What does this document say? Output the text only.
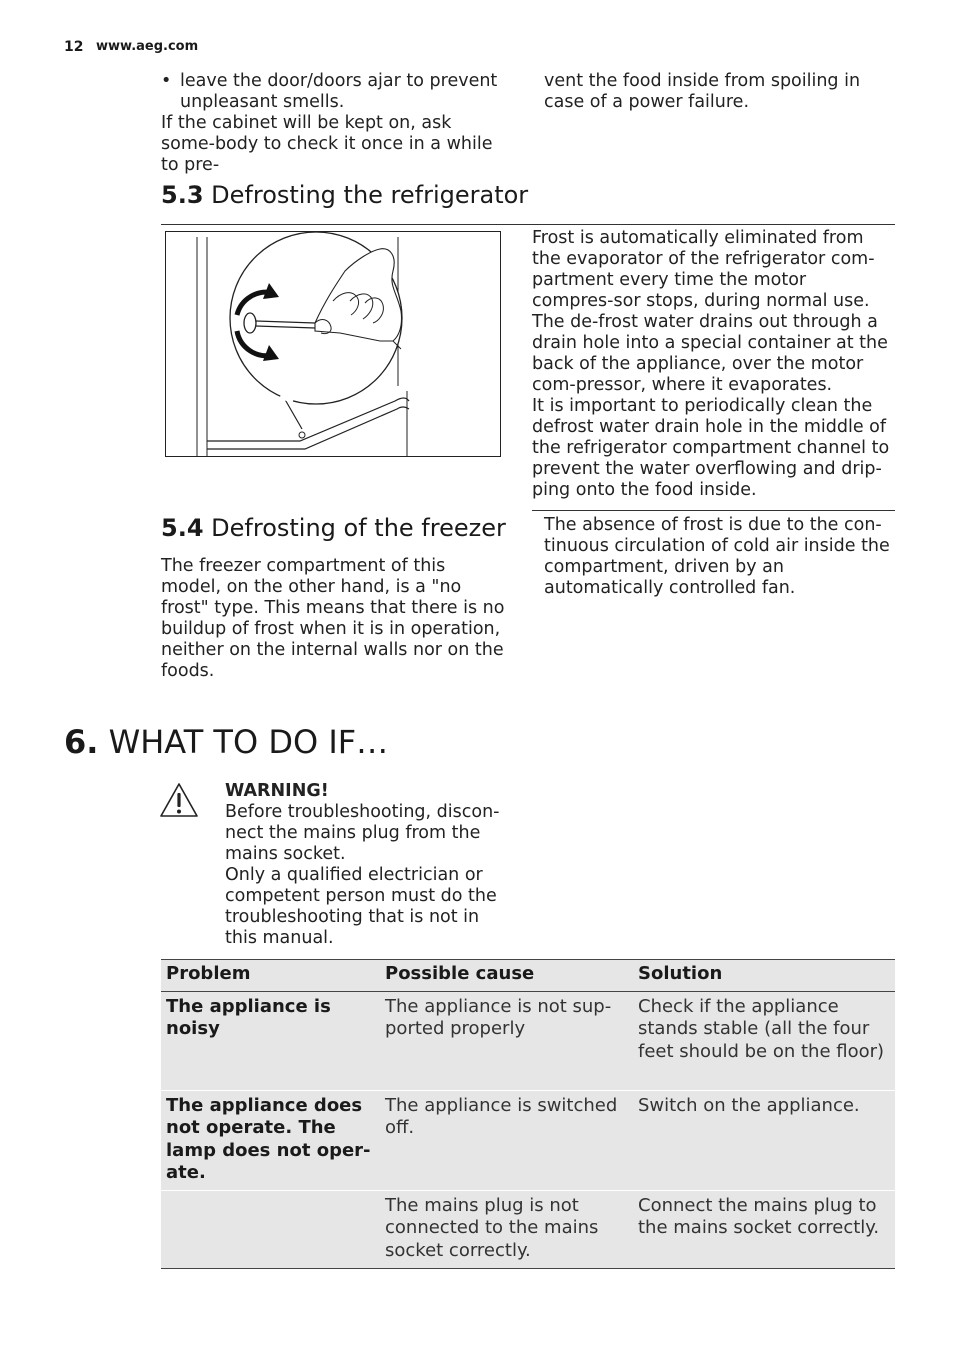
12 www.aeg.com
• leave the door/doors ajar to prevent unpleasant smells.
If the cabinet will be kept on, ask some-body to check it once in a while to pre-
vent the food inside from spoiling in case of a power failure.
5.3 Defrosting the refrigerator
Frost is automatically eliminated from the evaporator of the refrigerator com-partment every time the motor compres-sor stops, during normal use. The de-frost water drains out through a drain hole into a special container at the back of the appliance, over the motor com-pressor, where it evaporates.
It is important to periodically clean the defrost water drain hole in the middle of the refrigerator compartment channel to prevent the water overflowing and drip-ping onto the food inside.
5.4 Defrosting of the freezer
The freezer compartment of this model, on the other hand, is a "no frost" type. This means that there is no buildup of frost when it is in operation, neither on the internal walls nor on the foods.
The absence of frost is due to the con-tinuous circulation of cold air inside the compartment, driven by an automatically controlled fan.
6. WHAT TO DO IF…
WARNING!
Before troubleshooting, discon-nect the mains plug from the mains socket.
Only a qualified electrician or competent person must do the troubleshooting that is not in this manual.
Problem	Possible cause	Solution
The appliance is noisy	The appliance is not sup-ported properly	Check if the appliance stands stable (all the four feet should be on the floor)
The appliance does not operate. The lamp does not oper-ate.	The appliance is switched off.	Switch on the appliance.
	The mains plug is not connected to the mains socket correctly.	Connect the mains plug to the mains socket correctly.
